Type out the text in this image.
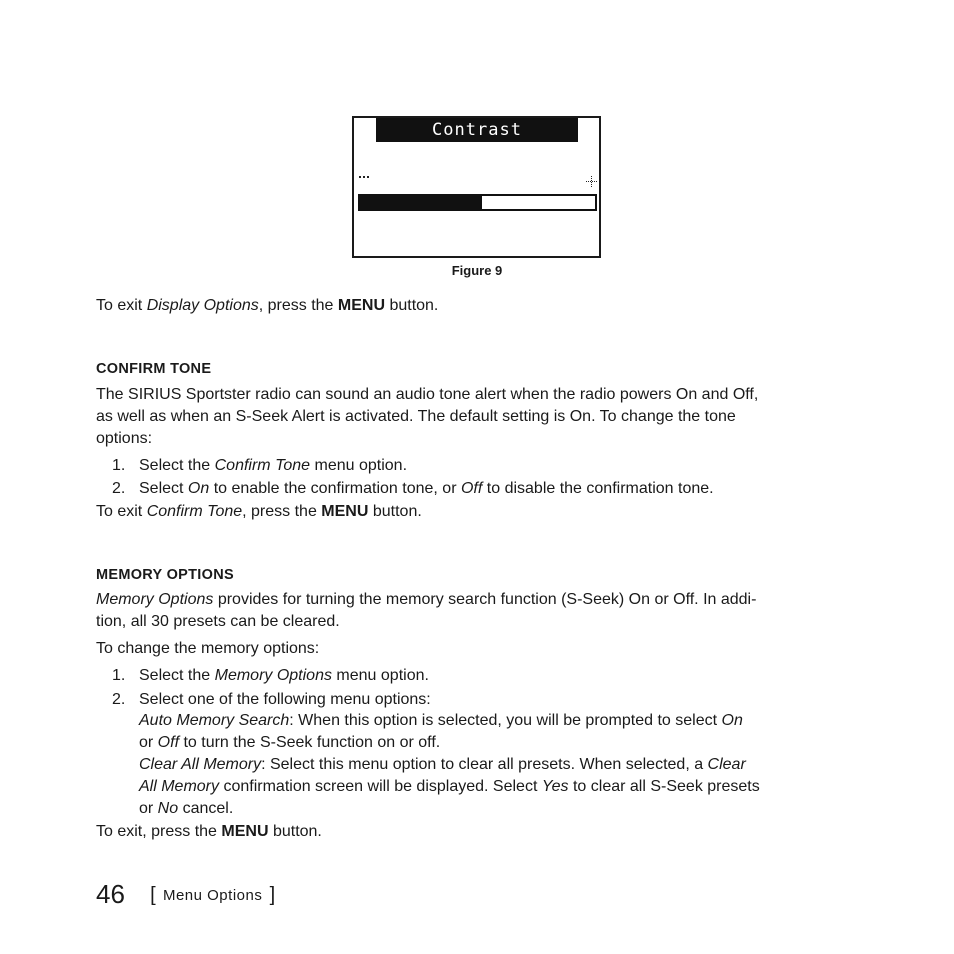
Contrast
Figure 9

To exit Display Options, press the MENU button.

CONFIRM TONE

The SIRIUS Sportster radio can sound an audio tone alert when the radio powers On and Off,
as well as when an S-Seek Alert is activated. The default setting is On. To change the tone
options:

1. Select the Confirm Tone menu option.
2. Select On to enable the confirmation tone, or Off to disable the confirmation tone.

To exit Confirm Tone, press the MENU button.

MEMORY OPTIONS

Memory Options provides for turning the memory search function (S-Seek) On or Off. In addi-
tion, all 30 presets can be cleared.

To change the memory options:

1. Select the Memory Options menu option.
2. Select one of the following menu options:
Auto Memory Search: When this option is selected, you will be prompted to select On
or Off to turn the S-Seek function on or off.
Clear All Memory: Select this menu option to clear all presets. When selected, a Clear
All Memory confirmation screen will be displayed. Select Yes to clear all S-Seek presets
or No cancel.

To exit, press the MENU button.

46 [ Menu Options ]
